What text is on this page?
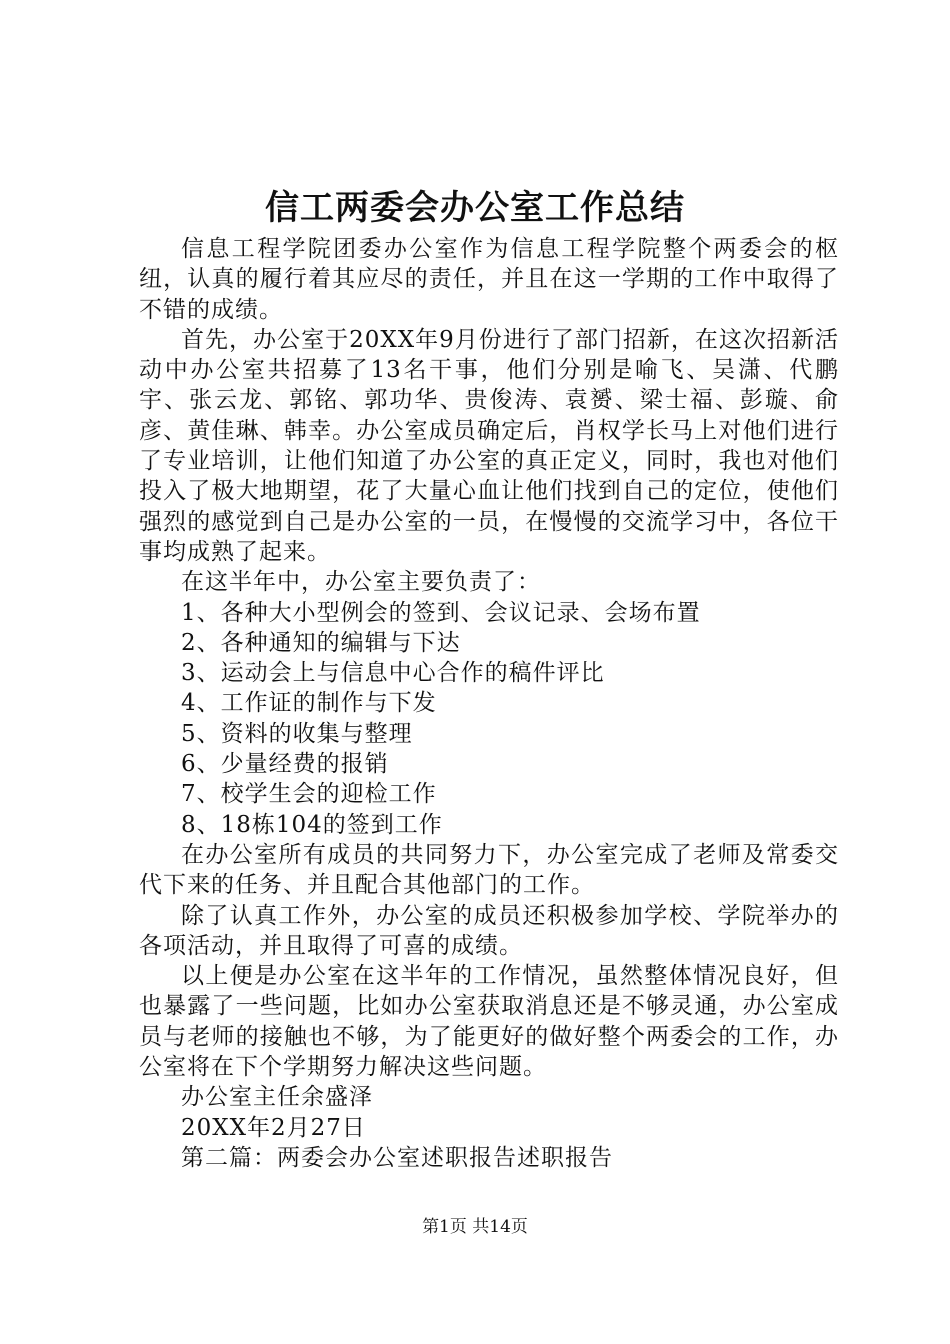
信工两委会办公室工作总结

信息工程学院团委办公室作为信息工程学院整个两委会的枢纽，认真的履行着其应尽的责任，并且在这一学期的工作中取得了不错的成绩。

首先，办公室于20XX年9月份进行了部门招新，在这次招新活动中办公室共招募了13名干事，他们分别是喻飞、吴潇、代鹏宇、张云龙、郭铭、郭功华、贵俊涛、袁赟、梁士福、彭璇、俞彦、黄佳琳、韩幸。办公室成员确定后，肖权学长马上对他们进行了专业培训，让他们知道了办公室的真正定义，同时，我也对他们投入了极大地期望，花了大量心血让他们找到自己的定位，使他们强烈的感觉到自己是办公室的一员，在慢慢的交流学习中，各位干事均成熟了起来。

在这半年中，办公室主要负责了：

1、各种大小型例会的签到、会议记录、会场布置

2、各种通知的编辑与下达

3、运动会上与信息中心合作的稿件评比

4、工作证的制作与下发

5、资料的收集与整理

6、少量经费的报销

7、校学生会的迎检工作

8、18栋104的签到工作

在办公室所有成员的共同努力下，办公室完成了老师及常委交代下来的任务、并且配合其他部门的工作。

除了认真工作外，办公室的成员还积极参加学校、学院举办的各项活动，并且取得了可喜的成绩。

以上便是办公室在这半年的工作情况，虽然整体情况良好，但也暴露了一些问题，比如办公室获取消息还是不够灵通，办公室成员与老师的接触也不够，为了能更好的做好整个两委会的工作，办公室将在下个学期努力解决这些问题。

办公室主任余盛泽

20XX年2月27日

第二篇：两委会办公室述职报告述职报告

第1页 共14页
